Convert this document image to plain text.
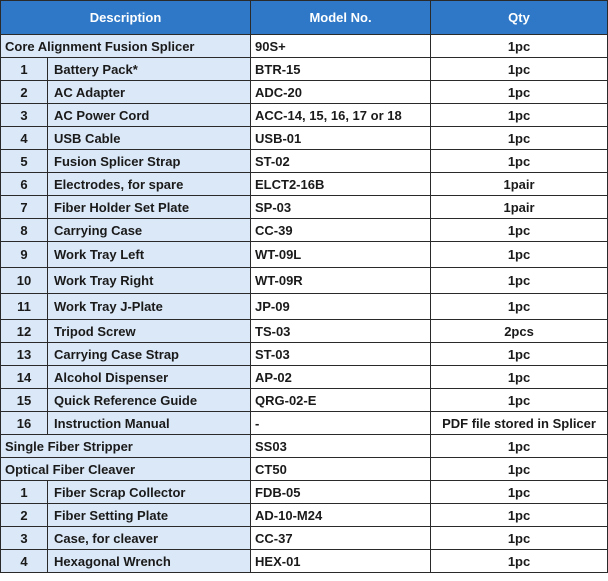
Description		Model No.	Qty
Core Alignment Fusion Splicer		90S+	1pc
1	Battery Pack*	BTR-15	1pc
2	AC Adapter	ADC-20	1pc
3	AC Power Cord	ACC-14, 15, 16, 17 or 18	1pc
4	USB Cable	USB-01	1pc
5	Fusion Splicer Strap	ST-02	1pc
6	Electrodes, for spare	ELCT2-16B	1pair
7	Fiber Holder Set Plate	SP-03	1pair
8	Carrying Case	CC-39	1pc
9	Work Tray Left	WT-09L	1pc
10	Work Tray Right	WT-09R	1pc
11	Work Tray J-Plate	JP-09	1pc
12	Tripod Screw	TS-03	2pcs
13	Carrying Case Strap	ST-03	1pc
14	Alcohol Dispenser	AP-02	1pc
15	Quick Reference Guide	QRG-02-E	1pc
16	Instruction Manual	-	PDF file stored in Splicer
Single Fiber Stripper		SS03	1pc
Optical Fiber Cleaver		CT50	1pc
1	Fiber Scrap Collector	FDB-05	1pc
2	Fiber Setting Plate	AD-10-M24	1pc
3	Case, for cleaver	CC-37	1pc
4	Hexagonal Wrench	HEX-01	1pc
